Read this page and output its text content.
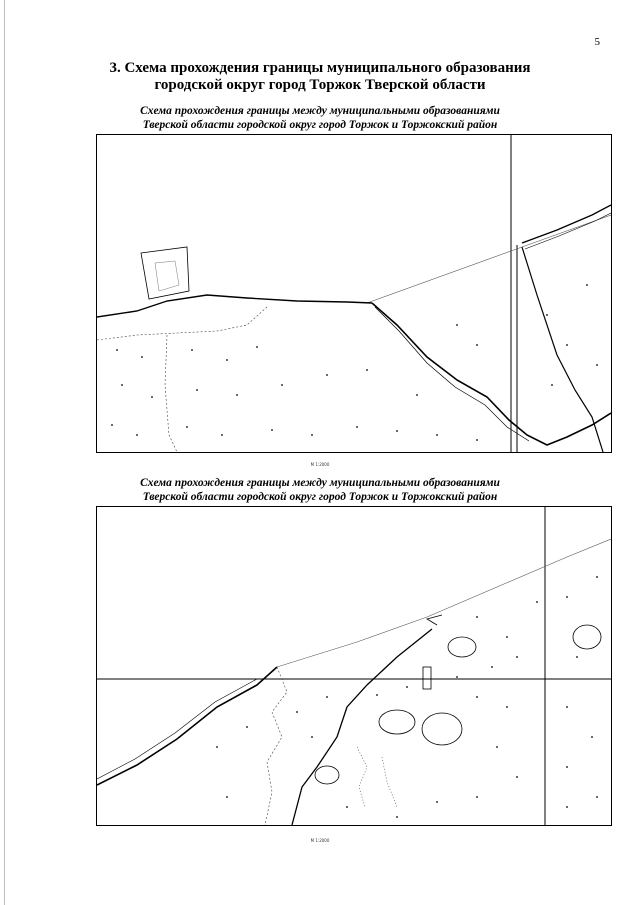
5
3. Схема прохождения границы муниципального образования
городской округ город Торжок Тверской области
Схема прохождения границы между муниципальными образованиями
Тверской области городской округ город Торжок и Торжокский район
М 1:2000
Схема прохождения границы между муниципальными образованиями
Тверской области городской округ город Торжок и Торжокский район
М 1:2000
